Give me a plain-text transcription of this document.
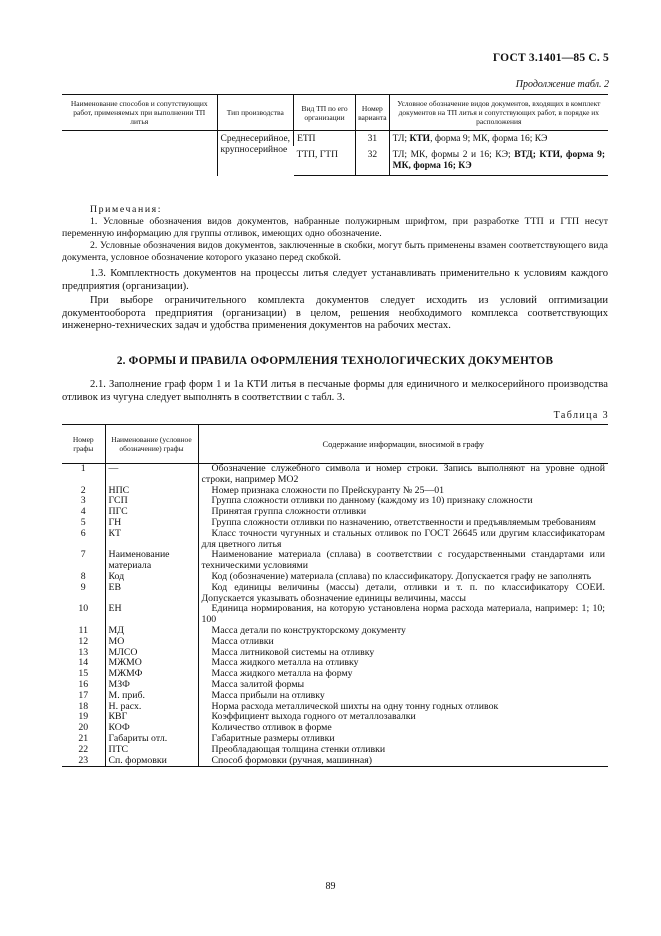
ГОСТ 3.1401—85 С. 5
Продолжение табл. 2
Наименование способов и сопутствующих работ, применяемых при выполнении ТП литья	Тип производства	Вид ТП по его организации	Номер варианта	Условное обозначение видов документов, входящих в комплект документов на ТП литья и сопутствующих работ, в порядке их расположения
	Среднесерийное, крупносерийное	ЕТП	31	ТЛ; КТИ, форма 9; МК, форма 16; КЭ
		ТТП, ГТП	32	ТЛ; МК, формы 2 и 16; КЭ; ВТД; КТИ, форма 9; МК, форма 16; КЭ
Примечания:
1. Условные обозначения видов документов, набранные полужирным шрифтом, при разработке ТТП и ГТП несут переменную информацию для группы отливок, имеющих одно обозначение.
2. Условные обозначения видов документов, заключенные в скобки, могут быть применены взамен соответствующего вида документа, условное обозначение которого указано перед скобкой.
1.3. Комплектность документов на процессы литья следует устанавливать применительно к условиям каждого предприятия (организации).
При выборе ограничительного комплекта документов следует исходить из условий оптимизации документооборота предприятия (организации) в целом, решения необходимого комплекса соответствующих инженерно-технических задач и удобства применения документов на рабочих местах.
2. ФОРМЫ И ПРАВИЛА ОФОРМЛЕНИЯ ТЕХНОЛОГИЧЕСКИХ ДОКУМЕНТОВ
2.1. Заполнение граф форм 1 и 1а КТИ литья в песчаные формы для единичного и мелкосерийного производства отливок из чугуна следует выполнять в соответствии с табл. 3.
Таблица 3
Номер графы	Наименование (условное обозначение) графы	Содержание информации, вносимой в графу
1	—	Обозначение служебного символа и номер строки. Запись выполняют на уровне одной строки, например МО2
2	НПС	Номер признака сложности по Прейскуранту № 25—01
3	ГСП	Группа сложности отливки по данному (каждому из 10) признаку сложности
4	ПГС	Принятая группа сложности отливки
5	ГН	Группа сложности отливки по назначению, ответственности и предъявляемым требованиям
6	КТ	Класс точности чугунных и стальных отливок по ГОСТ 26645 или другим классификаторам для цветного литья
7	Наименование материала	Наименование материала (сплава) в соответствии с государственными стандартами или техническими условиями
8	Код	Код (обозначение) материала (сплава) по классификатору. Допускается графу не заполнять
9	ЕВ	Код единицы величины (массы) детали, отливки и т. п. по классификатору СОЕИ. Допускается указывать обозначение единицы величины, массы
10	ЕН	Единица нормирования, на которую установлена норма расхода материала, например: 1; 10; 100
11	МД	Масса детали по конструкторскому документу
12	МО	Масса отливки
13	МЛСО	Масса литниковой системы на отливку
14	МЖМО	Масса жидкого металла на отливку
15	МЖМФ	Масса жидкого металла на форму
16	МЗФ	Масса залитой формы
17	М. приб.	Масса прибыли на отливку
18	Н. расх.	Норма расхода металлической шихты на одну тонну годных отливок
19	КВГ	Коэффициент выхода годного от металлозавалки
20	КОФ	Количество отливок в форме
21	Габариты отл.	Габаритные размеры отливки
22	ПТС	Преобладающая толщина стенки отливки
23	Сп. формовки	Способ формовки (ручная, машинная)
89
